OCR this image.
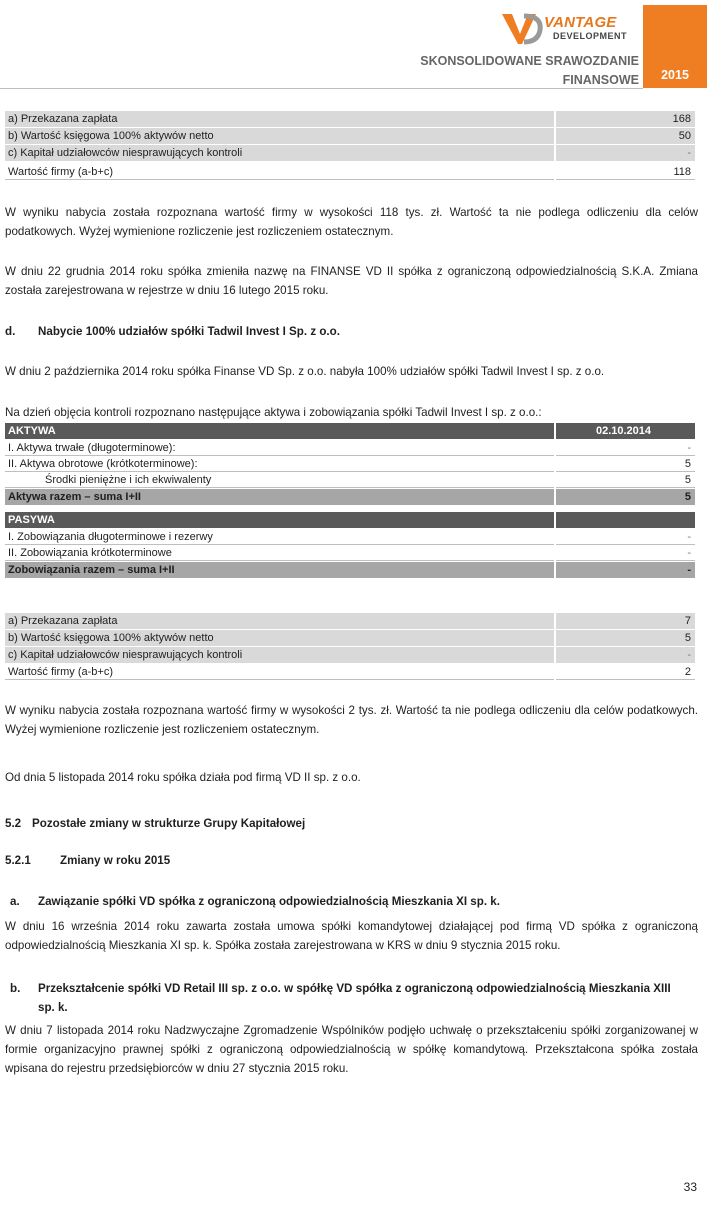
VANTAGE
DEVELOPMENT
SKONSOLIDOWANE SRAWOZDANIE
FINANSOWE	2015
a) Przekazana zapłata	168
b) Wartość księgowa 100% aktywów netto	50
c) Kapitał udziałowców niesprawujących kontroli	-
Wartość firmy (a-b+c)	118
W wyniku nabycia została rozpoznana wartość firmy w wysokości 118 tys. zł. Wartość ta nie podlega odliczeniu dla celów podatkowych. Wyżej wymienione rozliczenie jest rozliczeniem ostatecznym.
W dniu 22 grudnia 2014 roku spółka zmieniła nazwę na FINANSE VD II spółka z ograniczoną odpowiedzialnością S.K.A. Zmiana została zarejestrowana w rejestrze w dniu 16 lutego 2015 roku.
d. Nabycie 100% udziałów spółki Tadwil Invest I Sp. z o.o.
W dniu 2 października 2014 roku spółka Finanse VD Sp. z o.o. nabyła 100% udziałów spółki Tadwil Invest I sp. z o.o.
Na dzień objęcia kontroli rozpoznano następujące aktywa i zobowiązania spółki Tadwil Invest I sp. z o.o.:
AKTYWA	02.10.2014
I. Aktywa trwałe (długoterminowe):	-
II. Aktywa obrotowe (krótkoterminowe):	5
Środki pieniężne i ich ekwiwalenty	5
Aktywa razem – suma I+II	5
PASYWA
I. Zobowiązania długoterminowe i rezerwy	-
II. Zobowiązania krótkoterminowe	-
Zobowiązania razem – suma I+II	-
a) Przekazana zapłata	7
b) Wartość księgowa 100% aktywów netto	5
c) Kapitał udziałowców niesprawujących kontroli	-
Wartość firmy (a-b+c)	2
W wyniku nabycia została rozpoznana wartość firmy w wysokości 2 tys. zł. Wartość ta nie podlega odliczeniu dla celów podatkowych. Wyżej wymienione rozliczenie jest rozliczeniem ostatecznym.
Od dnia 5 listopada 2014 roku spółka działa pod firmą VD II sp. z o.o.
5.2 Pozostałe zmiany w strukturze Grupy Kapitałowej
5.2.1	Zmiany w roku 2015
a. Zawiązanie spółki VD spółka z ograniczoną odpowiedzialnością Mieszkania XI sp. k.
W dniu 16 września 2014 roku zawarta została umowa spółki komandytowej działającej pod firmą VD spółka z ograniczoną odpowiedzialnością Mieszkania XI sp. k. Spółka została zarejestrowana w KRS w dniu 9 stycznia 2015 roku.
b. Przekształcenie spółki VD Retail III sp. z o.o. w spółkę VD spółka z ograniczoną odpowiedzialnością Mieszkania XIII
sp. k.
W dniu 7 listopada 2014 roku Nadzwyczajne Zgromadzenie Wspólników podjęło uchwałę o przekształceniu spółki zorganizowanej w formie organizacyjno prawnej spółki z ograniczoną odpowiedzialnością w spółkę komandytową. Przekształcona spółka została wpisana do rejestru przedsiębiorców w dniu 27 stycznia 2015 roku.
33
